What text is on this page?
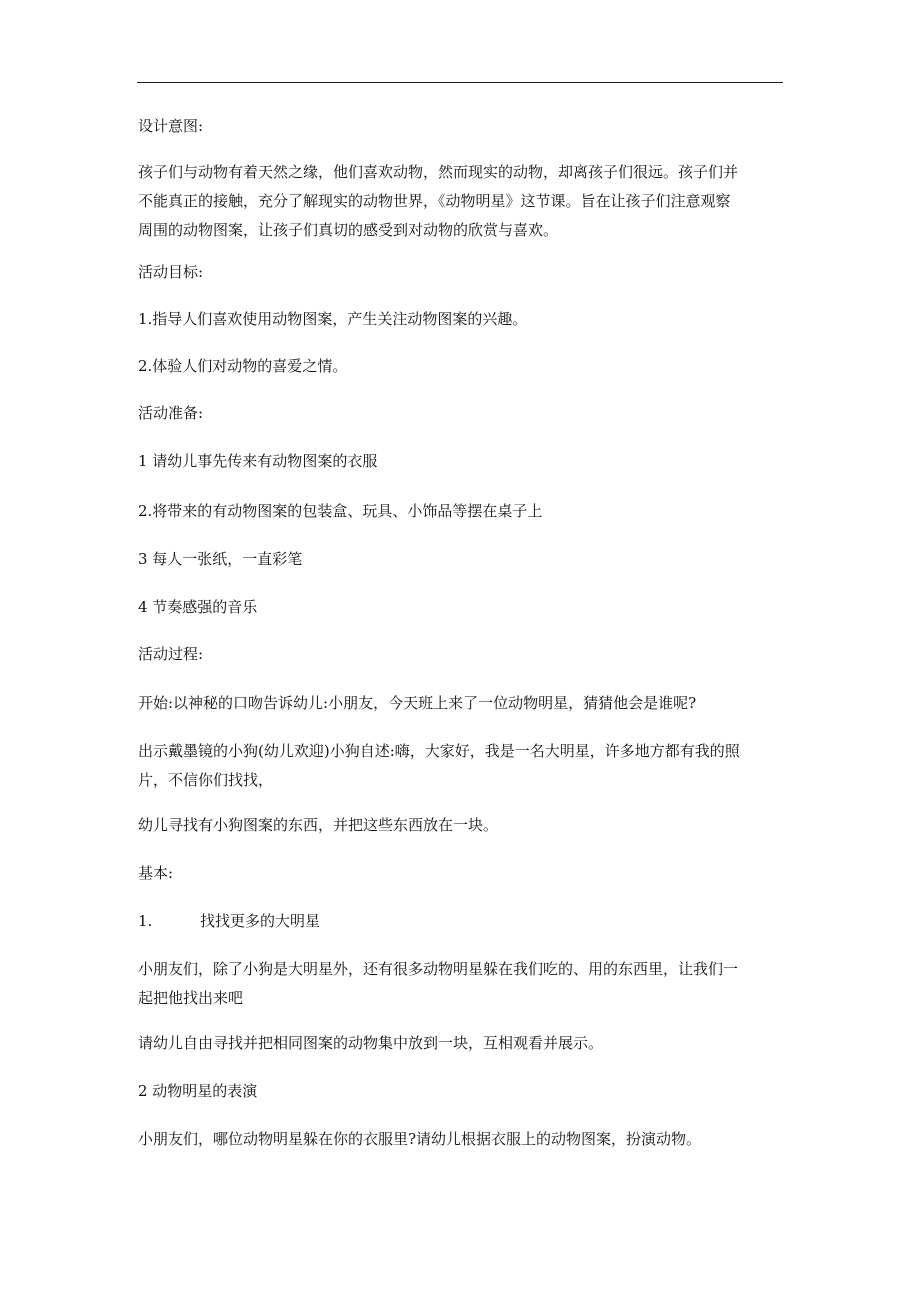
设计意图:

孩子们与动物有着天然之缘，他们喜欢动物，然而现实的动物，却离孩子们很远。孩子们并
不能真正的接触，充分了解现实的动物世界，《动物明星》这节课。旨在让孩子们注意观察
周围的动物图案，让孩子们真切的感受到对动物的欣赏与喜欢。

活动目标:

1.指导人们喜欢使用动物图案，产生关注动物图案的兴趣。

2.体验人们对动物的喜爱之情。

活动准备:

1 请幼儿事先传来有动物图案的衣服

2.将带来的有动物图案的包装盒、玩具、小饰品等摆在桌子上

3 每人一张纸，一直彩笔

4 节奏感强的音乐

活动过程:

开始:以神秘的口吻告诉幼儿:小朋友，今天班上来了一位动物明星，猜猜他会是谁呢?

出示戴墨镜的小狗(幼儿欢迎)小狗自述:嗨，大家好，我是一名大明星，许多地方都有我的照
片，不信你们找找，

幼儿寻找有小狗图案的东西，并把这些东西放在一块。

基本:

1.	找找更多的大明星

小朋友们，除了小狗是大明星外，还有很多动物明星躲在我们吃的、用的东西里，让我们一
起把他找出来吧

请幼儿自由寻找并把相同图案的动物集中放到一块，互相观看并展示。

2 动物明星的表演

小朋友们，哪位动物明星躲在你的衣服里?请幼儿根据衣服上的动物图案，扮演动物。
